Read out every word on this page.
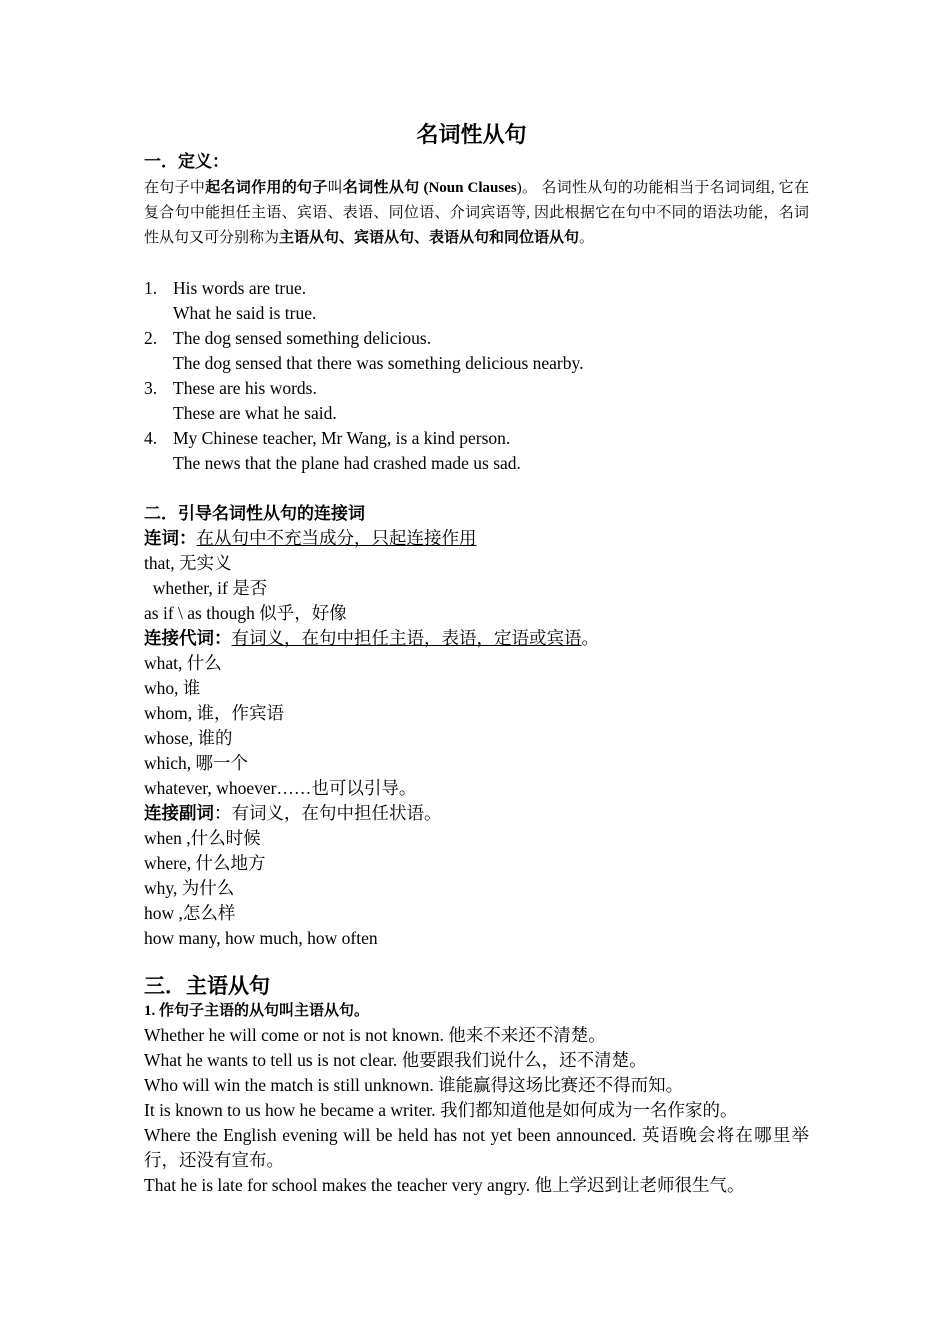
名词性从句
一．定义：
在句子中起名词作用的句子叫名词性从句 (Noun Clauses)。 名词性从句的功能相当于名词词组, 它在复合句中能担任主语、宾语、表语、同位语、介词宾语等, 因此根据它在句中不同的语法功能，名词性从句又可分别称为主语从句、宾语从句、表语从句和同位语从句。
1. His words are true.
What he said is true.
2. The dog sensed something delicious.
The dog sensed that there was something delicious nearby.
3. These are his words.
These are what he said.
4. My Chinese teacher, Mr Wang, is a kind person.
The news that the plane had crashed made us sad.
二．引导名词性从句的连接词
连词：在从句中不充当成分，只起连接作用
that, 无实义
whether, if 是否
as if \ as though 似乎，好像
连接代词：有词义，在句中担任主语，表语，定语或宾语。
what, 什么
who, 谁
whom, 谁，作宾语
whose, 谁的
which, 哪一个
whatever, whoever……也可以引导。
连接副词：有词义，在句中担任状语。
when ,什么时候
where, 什么地方
why, 为什么
how ,怎么样
how many, how much, how often
三．主语从句
1. 作句子主语的从句叫主语从句。
Whether he will come or not is not known. 他来不来还不清楚。
What he wants to tell us is not clear. 他要跟我们说什么，还不清楚。
Who will win the match is still unknown. 谁能赢得这场比赛还不得而知。
It is known to us how he became a writer. 我们都知道他是如何成为一名作家的。
Where the English evening will be held has not yet been announced. 英语晚会将在哪里举行，还没有宣布。
That he is late for school makes the teacher very angry. 他上学迟到让老师很生气。
